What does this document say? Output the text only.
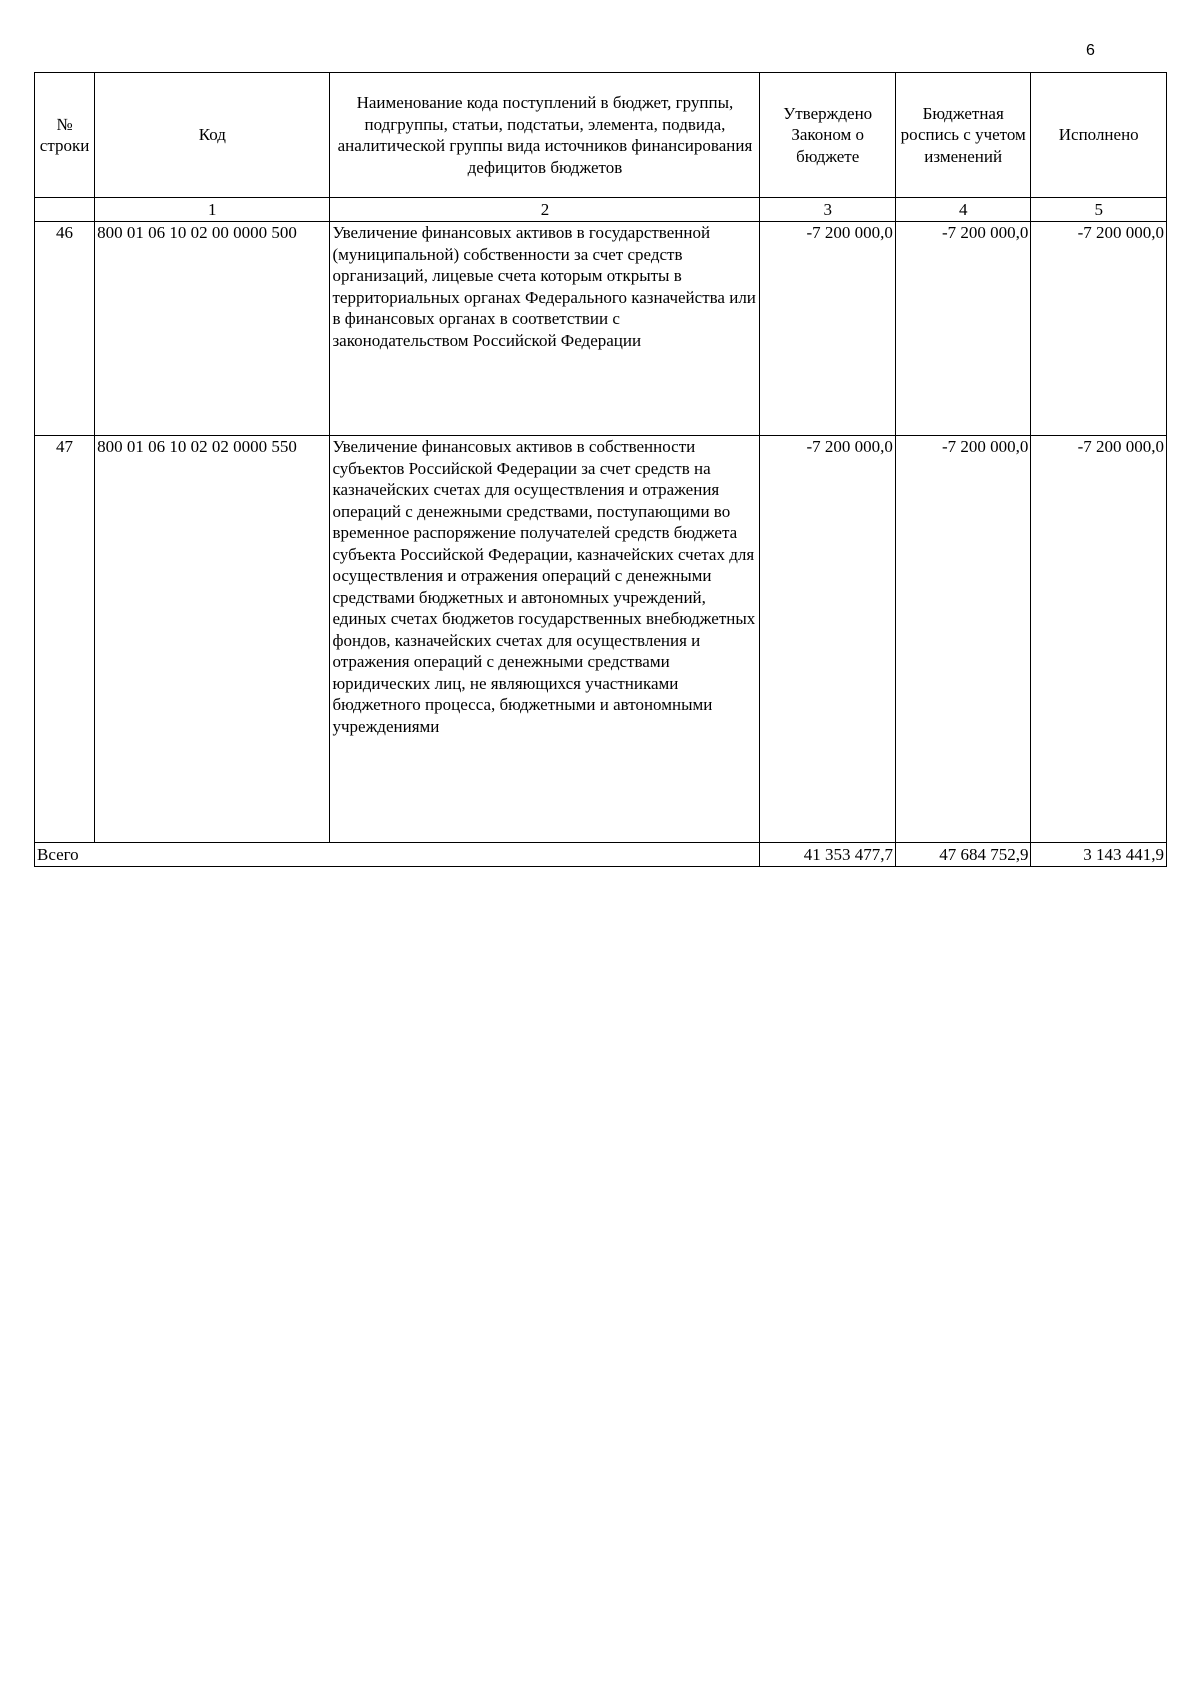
6
№ строки	Код	Наименование кода поступлений в бюджет, группы, подгруппы, статьи, подстатьи, элемента, подвида, аналитической группы вида источников финансирования дефицитов бюджетов	Утверждено Законом о бюджете	Бюджетная роспись с учетом изменений	Исполнено
	1	2	3	4	5
46	800 01 06 10 02 00 0000 500	Увеличение финансовых активов в государственной (муниципальной) собственности за счет средств организаций, лицевые счета которым открыты в территориальных органах Федерального казначейства или в финансовых органах в соответствии с законодательством Российской Федерации	-7 200 000,0	-7 200 000,0	-7 200 000,0
47	800 01 06 10 02 02 0000 550	Увеличение финансовых активов в собственности субъектов Российской Федерации за счет средств на казначейских счетах для осуществления и отражения операций с денежными средствами, поступающими во временное распоряжение получателей средств бюджета субъекта Российской Федерации, казначейских счетах для осуществления и отражения операций с денежными средствами бюджетных и автономных учреждений, единых счетах бюджетов государственных внебюджетных фондов, казначейских счетах для осуществления и отражения операций с денежными средствами юридических лиц, не являющихся участниками бюджетного процесса, бюджетными и автономными учреждениями	-7 200 000,0	-7 200 000,0	-7 200 000,0
Всего			41 353 477,7	47 684 752,9	3 143 441,9
